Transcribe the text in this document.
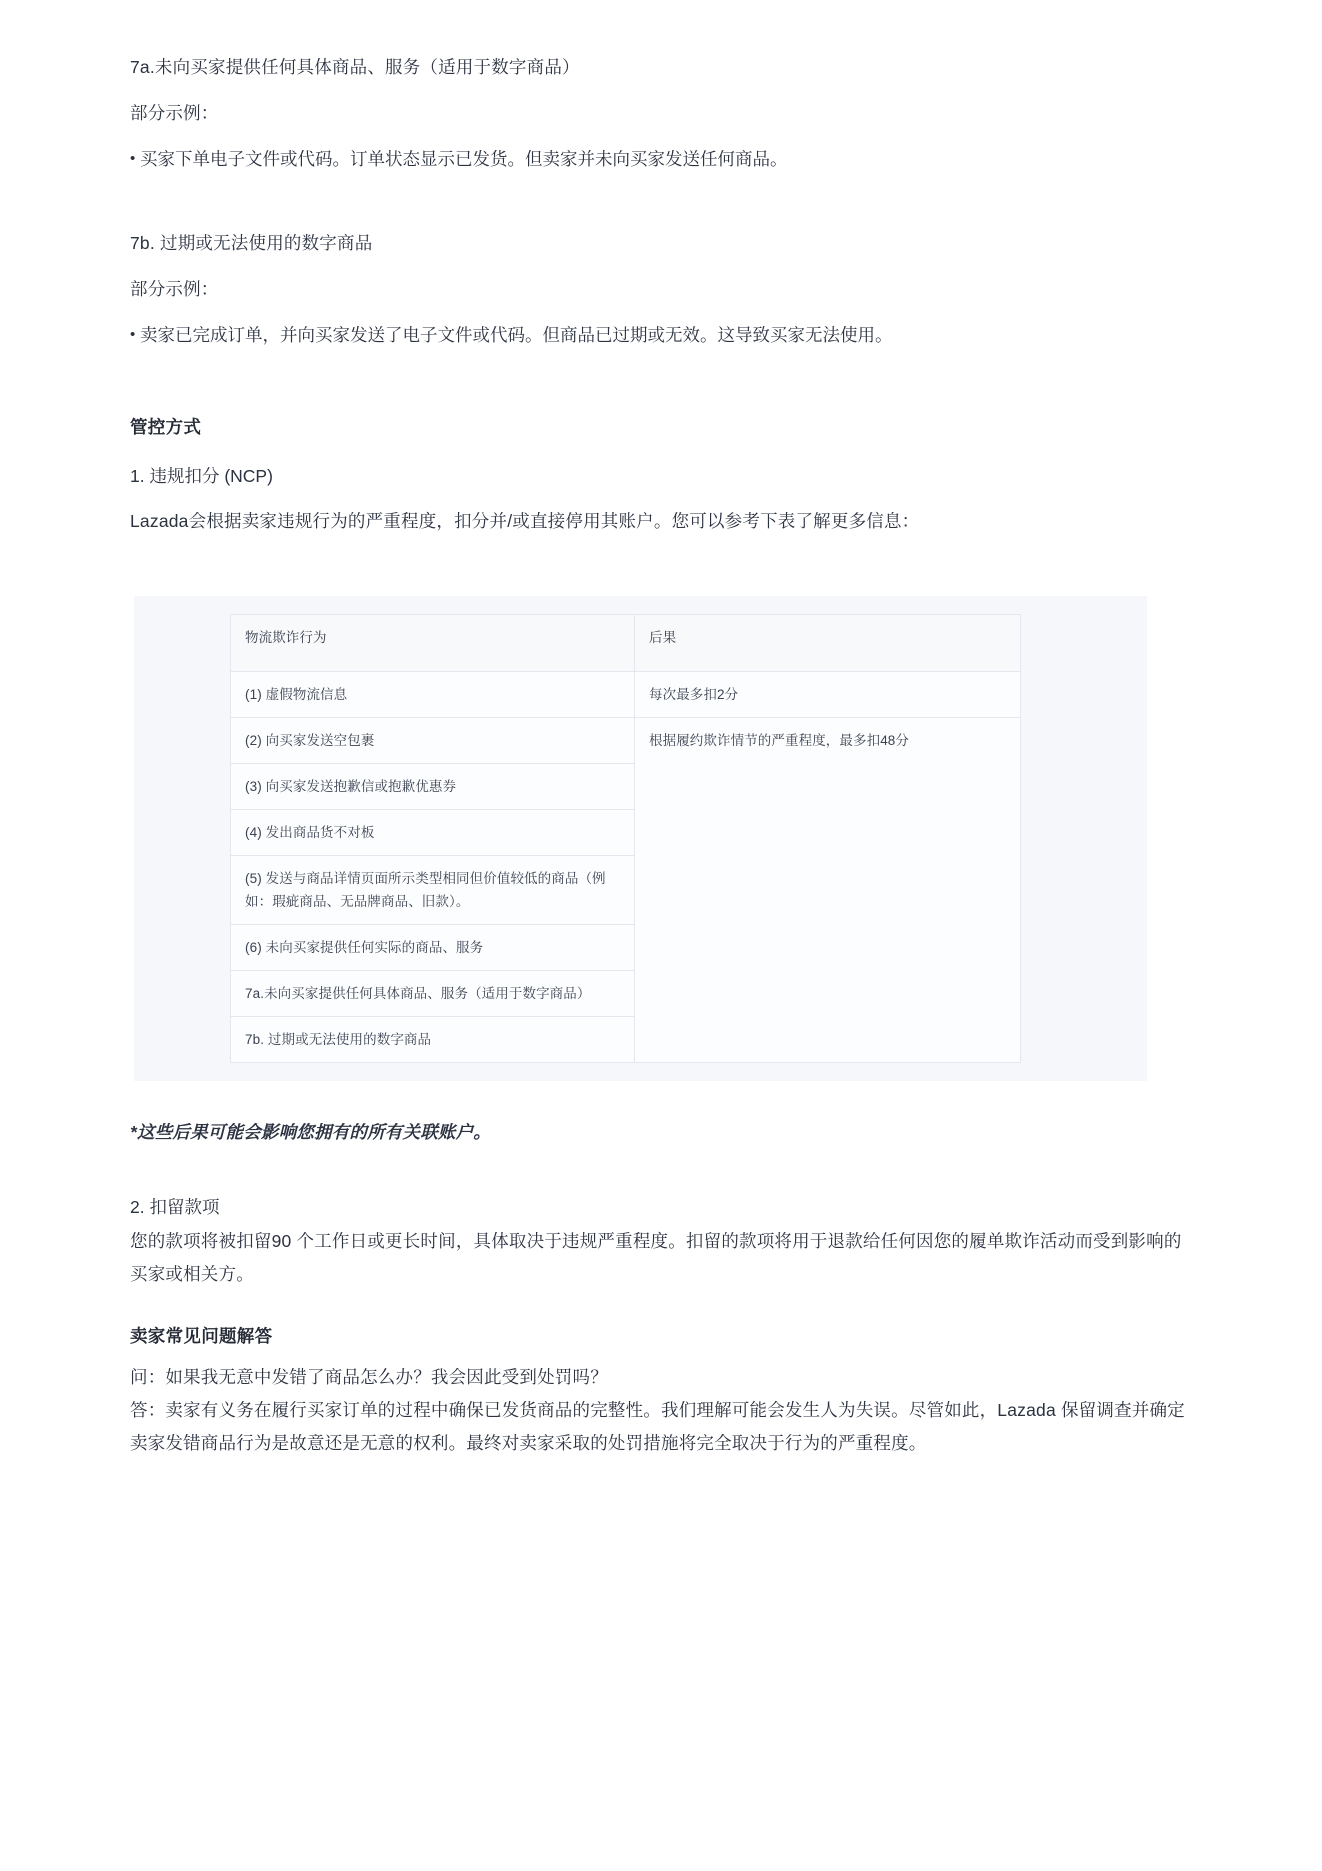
7a.未向买家提供任何具体商品、服务（适用于数字商品）

部分示例：

• 买家下单电子文件或代码。订单状态显示已发货。但卖家并未向买家发送任何商品。

7b. 过期或无法使用的数字商品

部分示例：

• 卖家已完成订单，并向买家发送了电子文件或代码。但商品已过期或无效。这导致买家无法使用。

管控方式

1. 违规扣分 (NCP)

Lazada会根据卖家违规行为的严重程度，扣分并/或直接停用其账户。您可以参考下表了解更多信息：

物流欺诈行为	后果
(1) 虚假物流信息	每次最多扣2分
(2) 向买家发送空包裹	根据履约欺诈情节的严重程度，最多扣48分
(3) 向买家发送抱歉信或抱歉优惠券	
(4) 发出商品货不对板	
(5) 发送与商品详情页面所示类型相同但价值较低的商品（例如：瑕疵商品、无品牌商品、旧款）。	
(6) 未向买家提供任何实际的商品、服务	
7a.未向买家提供任何具体商品、服务（适用于数字商品）	
7b. 过期或无法使用的数字商品	

*这些后果可能会影响您拥有的所有关联账户。

2. 扣留款项

您的款项将被扣留90 个工作日或更长时间，具体取决于违规严重程度。扣留的款项将用于退款给任何因您的履单欺诈活动而受到影响的买家或相关方。

卖家常见问题解答

问：如果我无意中发错了商品怎么办？我会因此受到处罚吗？

答：卖家有义务在履行买家订单的过程中确保已发货商品的完整性。我们理解可能会发生人为失误。尽管如此，Lazada 保留调查并确定卖家发错商品行为是故意还是无意的权利。最终对卖家采取的处罚措施将完全取决于行为的严重程度。
